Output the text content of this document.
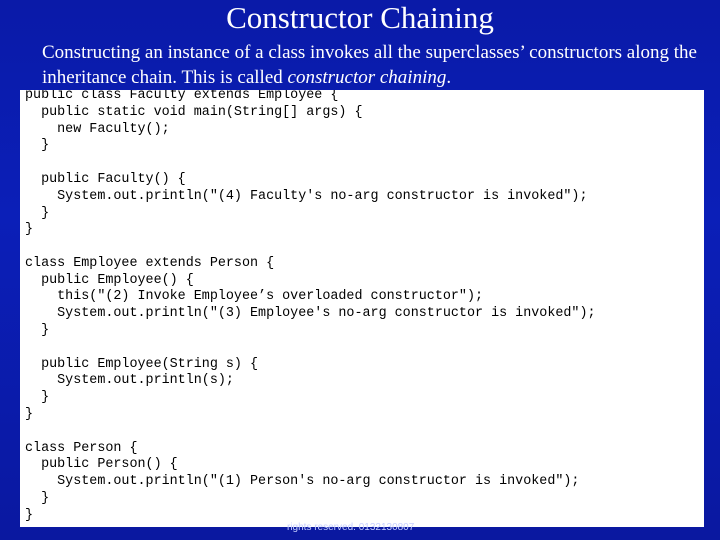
Constructor Chaining
Constructing an instance of a class invokes all the superclasses’ constructors along the inheritance chain. This is called constructor chaining.
public class Faculty extends Employee {
public static void main(String[] args) {
new Faculty();
}
public Faculty() {
System.out.println("(4) Faculty's no-arg constructor is invoked");
}
}
class Employee extends Person {
public Employee() {
this("(2) Invoke Employee’s overloaded constructor");
System.out.println("(3) Employee's no-arg constructor is invoked");
}
public Employee(String s) {
System.out.println(s);
}
}
class Person {
public Person() {
System.out.println("(1) Person's no-arg constructor is invoked");
}
}
rights reserved. 0132130807
